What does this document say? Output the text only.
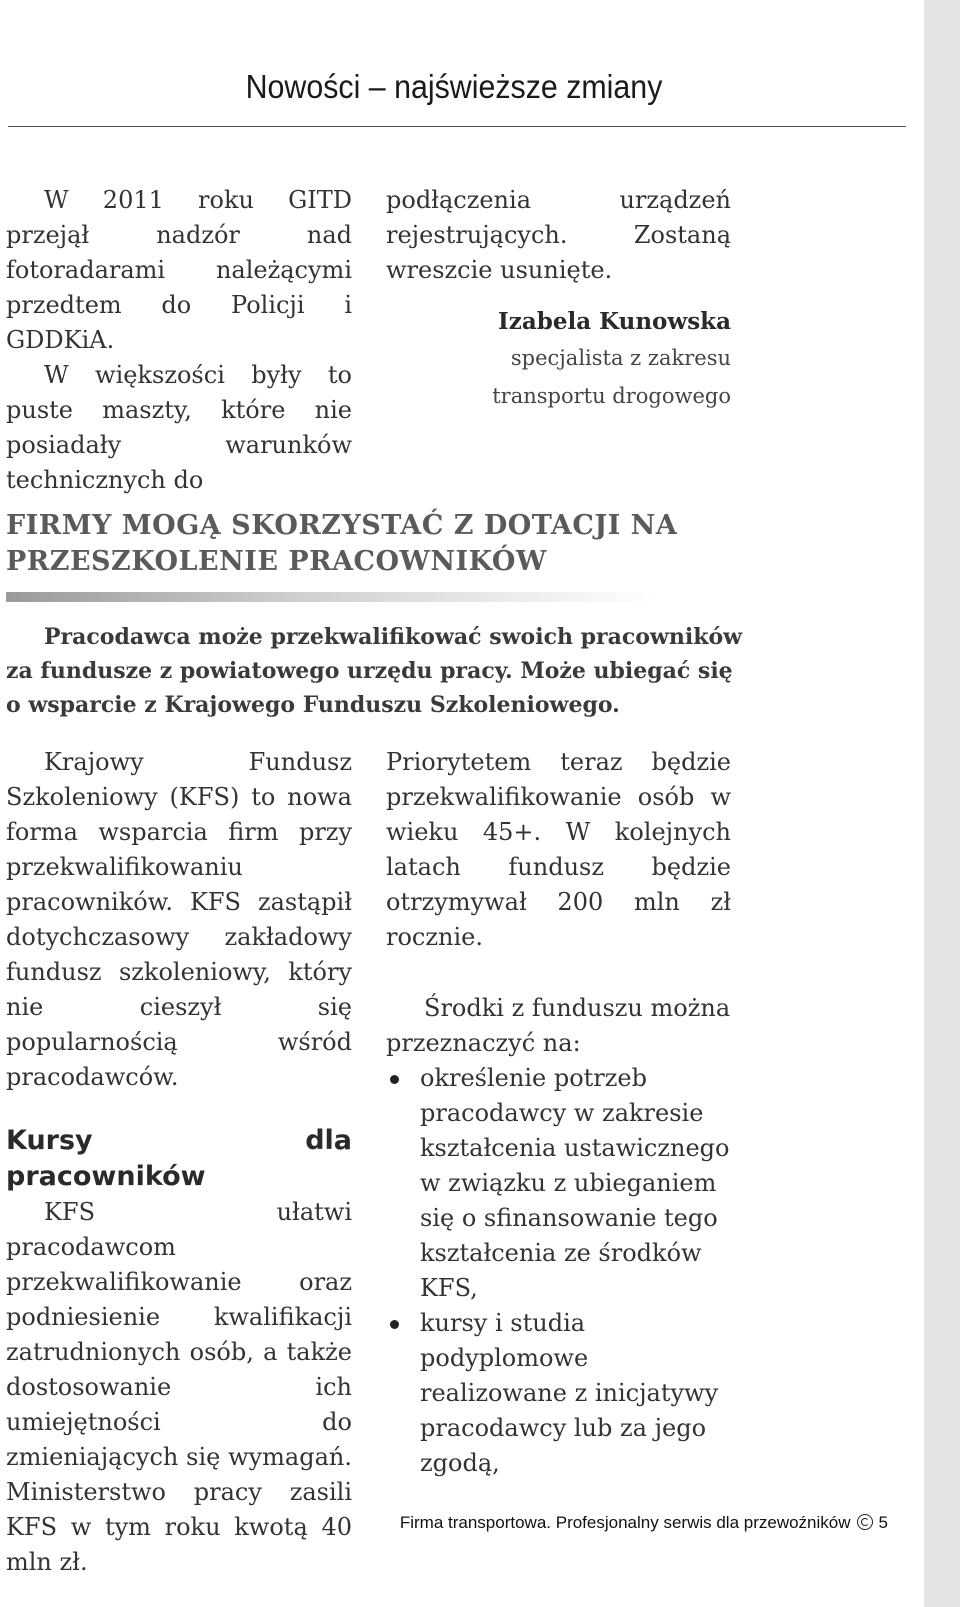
Nowości – najświeższe zmiany

W 2011 roku GITD przejął nadzór nad fotoradarami należącymi przedtem do Policji i GDDKiA.

W większości były to puste maszty, które nie posiadały warunków technicznych do

podłączenia urządzeń rejestrujących. Zostaną wreszcie usunięte.

Izabela Kunowska
specjalista z zakresu transportu drogowego
FIRMY MOGĄ SKORZYSTAĆ Z DOTACJI NA PRZESZKOLENIE PRACOWNIKÓW

Pracodawca może przekwalifikować swoich pracowników za fundusze z powiatowego urzędu pracy. Może ubiegać się o wsparcie z Krajowego Funduszu Szkoleniowego.

Krajowy Fundusz Szkoleniowy (KFS) to nowa forma wsparcia firm przy przekwalifikowaniu pracowników. KFS zastąpił dotychczasowy zakładowy fundusz szkoleniowy, który nie cieszył się popularnością wśród pracodawców.

Kursy dla pracowników

KFS ułatwi pracodawcom przekwalifikowanie oraz podniesienie kwalifikacji zatrudnionych osób, a także dostosowanie ich umiejętności do zmieniających się wymagań. Ministerstwo pracy zasili KFS w tym roku kwotą 40 mln zł.

Priorytetem teraz będzie przekwalifikowanie osób w wieku 45+. W kolejnych latach fundusz będzie otrzymywał 200 mln zł rocznie.

Środki z funduszu można przeznaczyć na:

określenie potrzeb pracodawcy w zakresie kształcenia ustawicznego w związku z ubieganiem się o sfinansowanie tego kształcenia ze środków KFS,
kursy i studia podyplomowe realizowane z inicjatywy pracodawcy lub za jego zgodą,
Firma transportowa. Profesjonalny serwis dla przewoźników 5
